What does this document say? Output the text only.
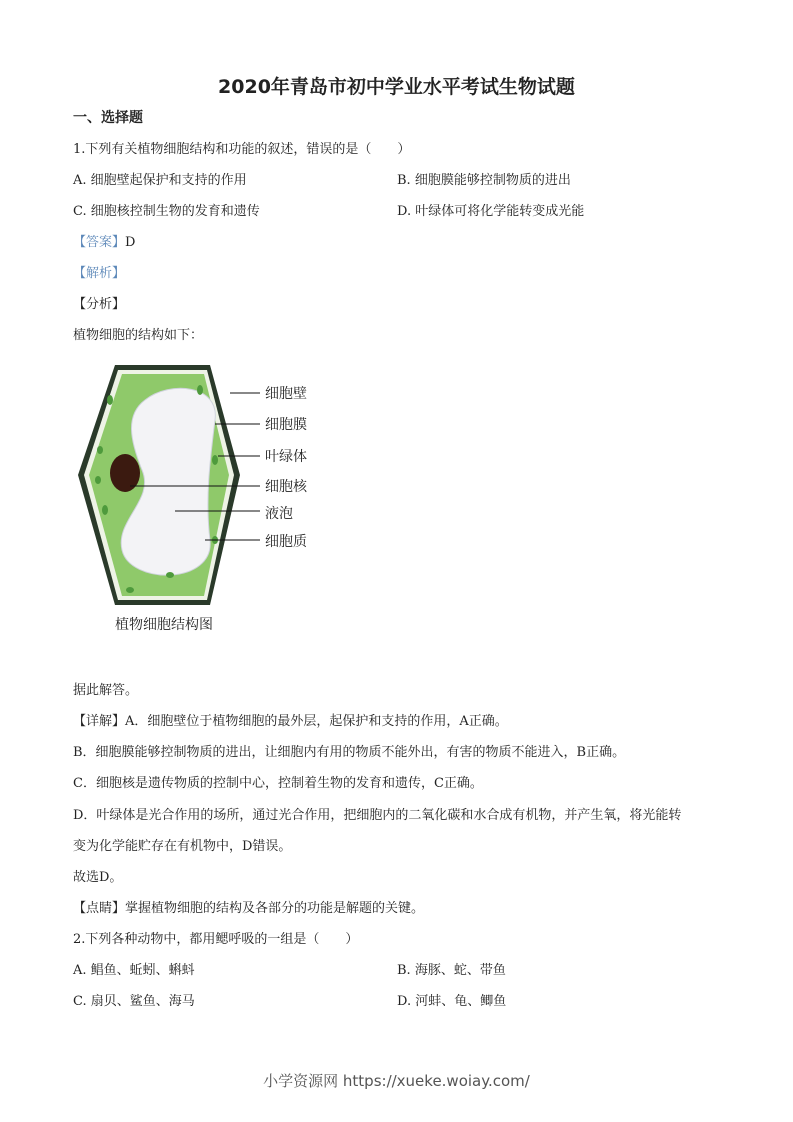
2020年青岛市初中学业水平考试生物试题
一、选择题
1.下列有关植物细胞结构和功能的叙述，错误的是（　　）
A. 细胞壁起保护和支持的作用	B. 细胞膜能够控制物质的进出
C. 细胞核控制生物的发育和遗传	D. 叶绿体可将化学能转变成光能
【答案】D
【解析】
【分析】
植物细胞的结构如下：
细胞壁
细胞膜
叶绿体
细胞核
液泡
细胞质
植物细胞结构图
据此解答。
【详解】A．细胞壁位于植物细胞的最外层，起保护和支持的作用，A正确。
B．细胞膜能够控制物质的进出，让细胞内有用的物质不能外出，有害的物质不能进入，B正确。
C．细胞核是遗传物质的控制中心，控制着生物的发育和遗传，C正确。
D．叶绿体是光合作用的场所，通过光合作用，把细胞内的二氧化碳和水合成有机物，并产生氧，将光能转
变为化学能贮存在有机物中，D错误。
故选D。
【点睛】掌握植物细胞的结构及各部分的功能是解题的关键。
2.下列各种动物中，都用鳃呼吸的一组是（　　）
A. 鲳鱼、蚯蚓、蝌蚪	B. 海豚、蛇、带鱼
C. 扇贝、鲨鱼、海马	D. 河蚌、龟、鲫鱼
小学资源网 https://xueke.woiay.com/
